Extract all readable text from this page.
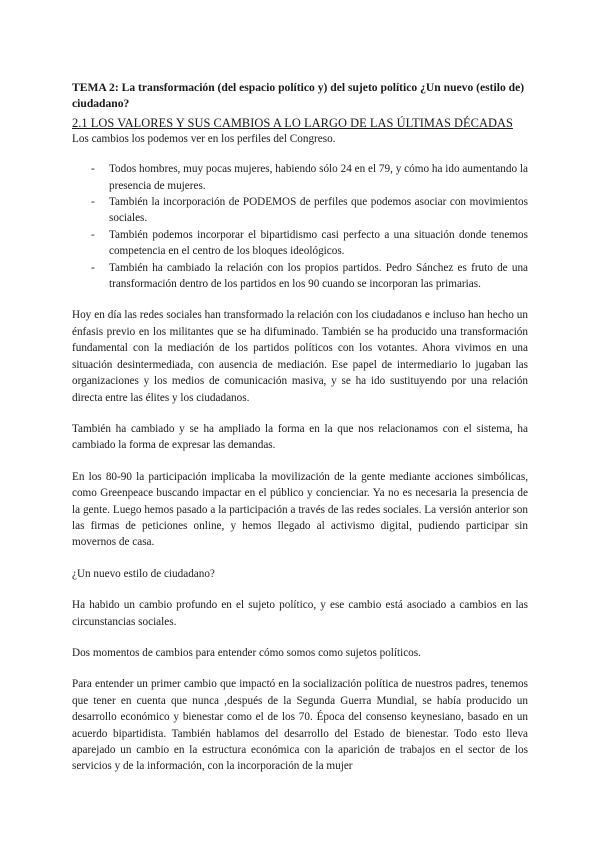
TEMA 2: La transformación (del espacio político y) del sujeto político ¿Un nuevo (estilo de) ciudadano?

2.1 LOS VALORES Y SUS CAMBIOS A LO LARGO DE LAS ÚLTIMAS DÉCADAS

Los cambios los podemos ver en los perfiles del Congreso.

- Todos hombres, muy pocas mujeres, habiendo sólo 24 en el 79, y cómo ha ido aumentando la presencia de mujeres.
- También la incorporación de PODEMOS de perfiles que podemos asociar con movimientos sociales.
- También podemos incorporar el bipartidismo casi perfecto a una situación donde tenemos competencia en el centro de los bloques ideológicos.
- También ha cambiado la relación con los propios partidos. Pedro Sánchez es fruto de una transformación dentro de los partidos en los 90 cuando se incorporan las primarias.

Hoy en día las redes sociales han transformado la relación con los ciudadanos e incluso han hecho un énfasis previo en los militantes que se ha difuminado. También se ha producido una transformación fundamental con la mediación de los partidos políticos con los votantes. Ahora vivimos en una situación desintermediada, con ausencia de mediación. Ese papel de intermediario lo jugaban las organizaciones y los medios de comunicación masiva, y se ha ido sustituyendo por una relación directa entre las élites y los ciudadanos.

También ha cambiado y se ha ampliado la forma en la que nos relacionamos con el sistema, ha cambiado la forma de expresar las demandas.

En los 80-90 la participación implicaba la movilización de la gente mediante acciones simbólicas, como Greenpeace buscando impactar en el público y concienciar. Ya no es necesaria la presencia de la gente. Luego hemos pasado a la participación a través de las redes sociales. La versión anterior son las firmas de peticiones online, y hemos llegado al activismo digital, pudiendo participar sin movernos de casa.

¿Un nuevo estilo de ciudadano?

Ha habido un cambio profundo en el sujeto político, y ese cambio está asociado a cambios en las circunstancias sociales.

Dos momentos de cambios para entender cómo somos como sujetos políticos.

Para entender un primer cambio que impactó en la socialización política de nuestros padres, tenemos que tener en cuenta que nunca ,después de la Segunda Guerra Mundial, se había producido un desarrollo económico y bienestar como el de los 70. Época del consenso keynesiano, basado en un acuerdo bipartidista. También hablamos del desarrollo del Estado de bienestar. Todo esto lleva aparejado un cambio en la estructura económica con la aparición de trabajos en el sector de los servicios y de la información, con la incorporación de la mujer
